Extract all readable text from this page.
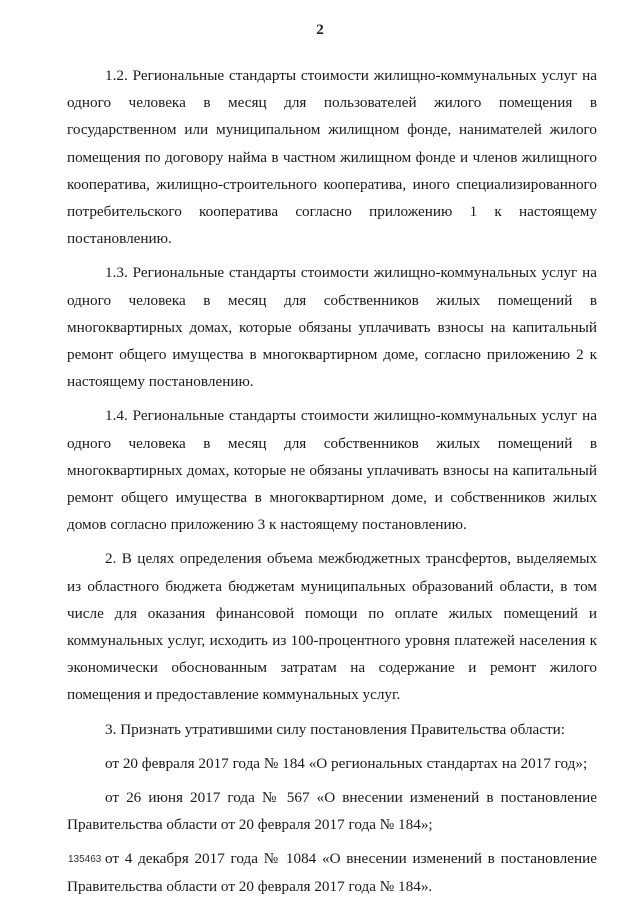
2

1.2. Региональные стандарты стоимости жилищно-коммунальных услуг на одного человека в месяц для пользователей жилого помещения в государственном или муниципальном жилищном фонде, нанимателей жилого помещения по договору найма в частном жилищном фонде и членов жилищного кооператива, жилищно-строительного кооператива, иного специализированного потребительского кооператива согласно приложению 1 к настоящему постановлению.

1.3. Региональные стандарты стоимости жилищно-коммунальных услуг на одного человека в месяц для собственников жилых помещений в многоквартирных домах, которые обязаны уплачивать взносы на капитальный ремонт общего имущества в многоквартирном доме, согласно приложению 2 к настоящему постановлению.

1.4. Региональные стандарты стоимости жилищно-коммунальных услуг на одного человека в месяц для собственников жилых помещений в многоквартирных домах, которые не обязаны уплачивать взносы на капитальный ремонт общего имущества в многоквартирном доме, и собственников жилых домов согласно приложению 3 к настоящему постановлению.

2. В целях определения объема межбюджетных трансфертов, выделяемых из областного бюджета бюджетам муниципальных образований области, в том числе для оказания финансовой помощи по оплате жилых помещений и коммунальных услуг, исходить из 100-процентного уровня платежей населения к экономически обоснованным затратам на содержание и ремонт жилого помещения и предоставление коммунальных услуг.

3. Признать утратившими силу постановления Правительства области:

от 20 февраля 2017 года № 184 «О региональных стандартах на 2017 год»;

от 26 июня 2017 года № 567 «О внесении изменений в постановление Правительства области от 20 февраля 2017 года № 184»;

от 4 декабря 2017 года № 1084 «О внесении изменений в постановление Правительства области от 20 февраля 2017 года № 184».

135463
